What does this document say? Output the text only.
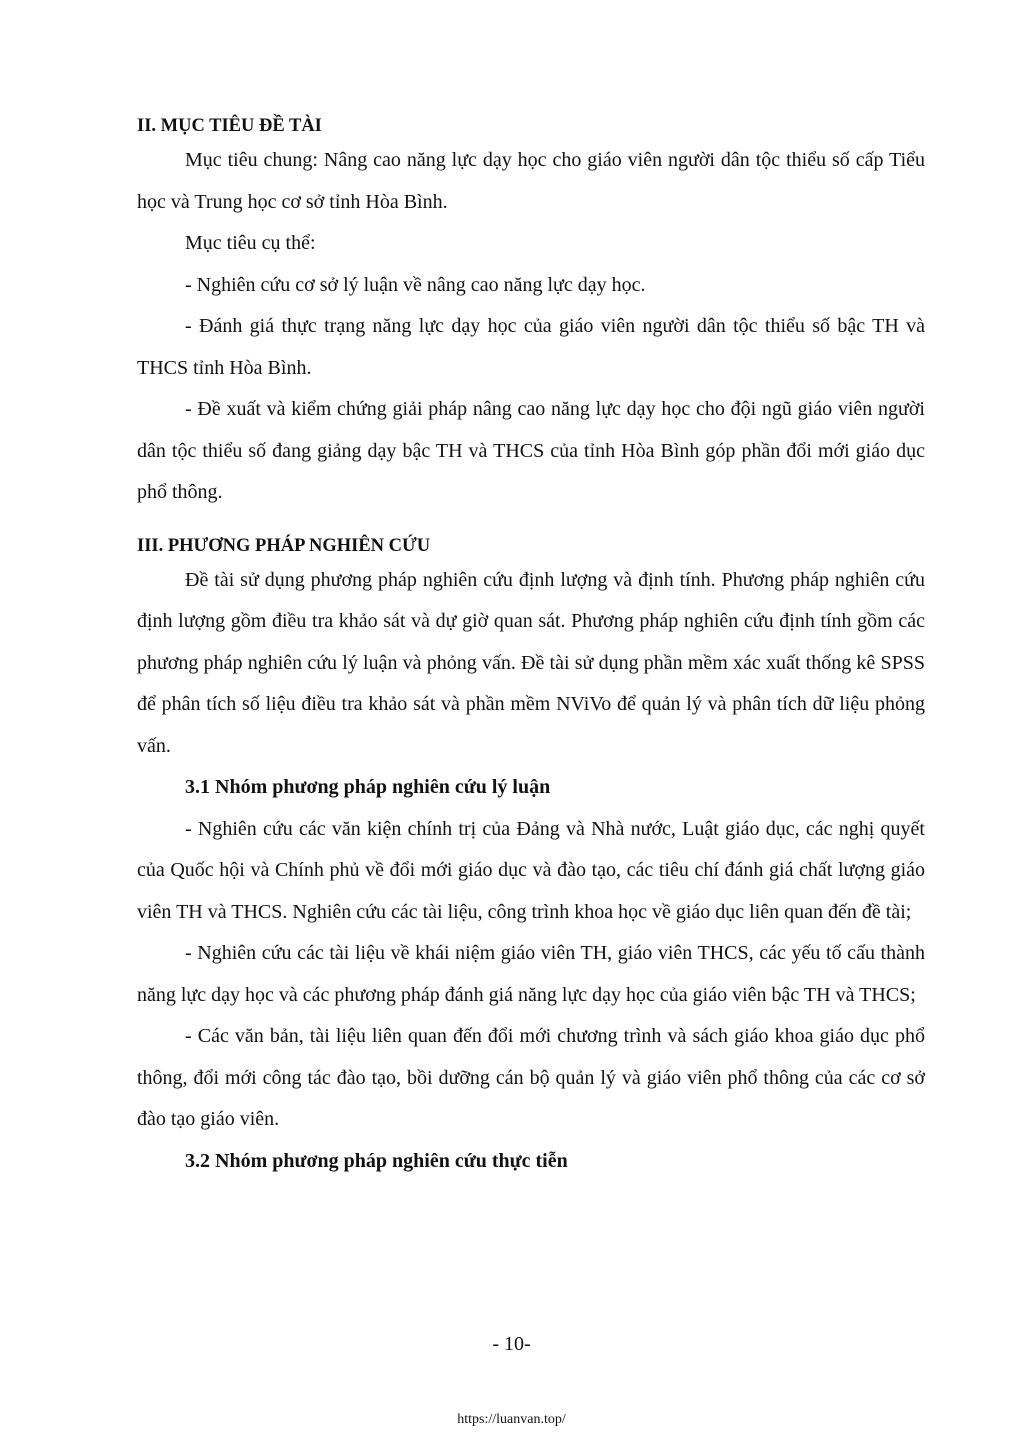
II. MỤC TIÊU ĐỀ TÀI

Mục tiêu chung: Nâng cao năng lực dạy học cho giáo viên người dân tộc thiểu số cấp Tiểu học và Trung học cơ sở tỉnh Hòa Bình.

Mục tiêu cụ thể:

- Nghiên cứu cơ sở lý luận về nâng cao năng lực dạy học.

- Đánh giá thực trạng năng lực dạy học của giáo viên người dân tộc thiểu số bậc TH và THCS tỉnh Hòa Bình.

- Đề xuất và kiểm chứng giải pháp nâng cao năng lực dạy học cho đội ngũ giáo viên người dân tộc thiểu số đang giảng dạy bậc TH và THCS của tỉnh Hòa Bình góp phần đổi mới giáo dục phổ thông.

III. PHƯƠNG PHÁP NGHIÊN CỨU

Đề tài sử dụng phương pháp nghiên cứu định lượng và định tính. Phương pháp nghiên cứu định lượng gồm điều tra khảo sát và dự giờ quan sát. Phương pháp nghiên cứu định tính gồm các phương pháp nghiên cứu lý luận và phỏng vấn. Đề tài sử dụng phần mềm xác xuất thống kê SPSS để phân tích số liệu điều tra khảo sát và phần mềm NViVo để quản lý và phân tích dữ liệu phỏng vấn.

3.1 Nhóm phương pháp nghiên cứu lý luận

- Nghiên cứu các văn kiện chính trị của Đảng và Nhà nước, Luật giáo dục, các nghị quyết của Quốc hội và Chính phủ về đổi mới giáo dục và đào tạo, các tiêu chí đánh giá chất lượng giáo viên TH và THCS. Nghiên cứu các tài liệu, công trình khoa học về giáo dục liên quan đến đề tài;

- Nghiên cứu các tài liệu về khái niệm giáo viên TH, giáo viên THCS, các yếu tố cấu thành năng lực dạy học và các phương pháp đánh giá năng lực dạy học của giáo viên bậc TH và THCS;

- Các văn bản, tài liệu liên quan đến đổi mới chương trình và sách giáo khoa giáo dục phổ thông, đổi mới công tác đào tạo, bồi dưỡng cán bộ quản lý và giáo viên phổ thông của các cơ sở đào tạo giáo viên.

3.2 Nhóm phương pháp nghiên cứu thực tiễn

- 10-
https://luanvan.top/
